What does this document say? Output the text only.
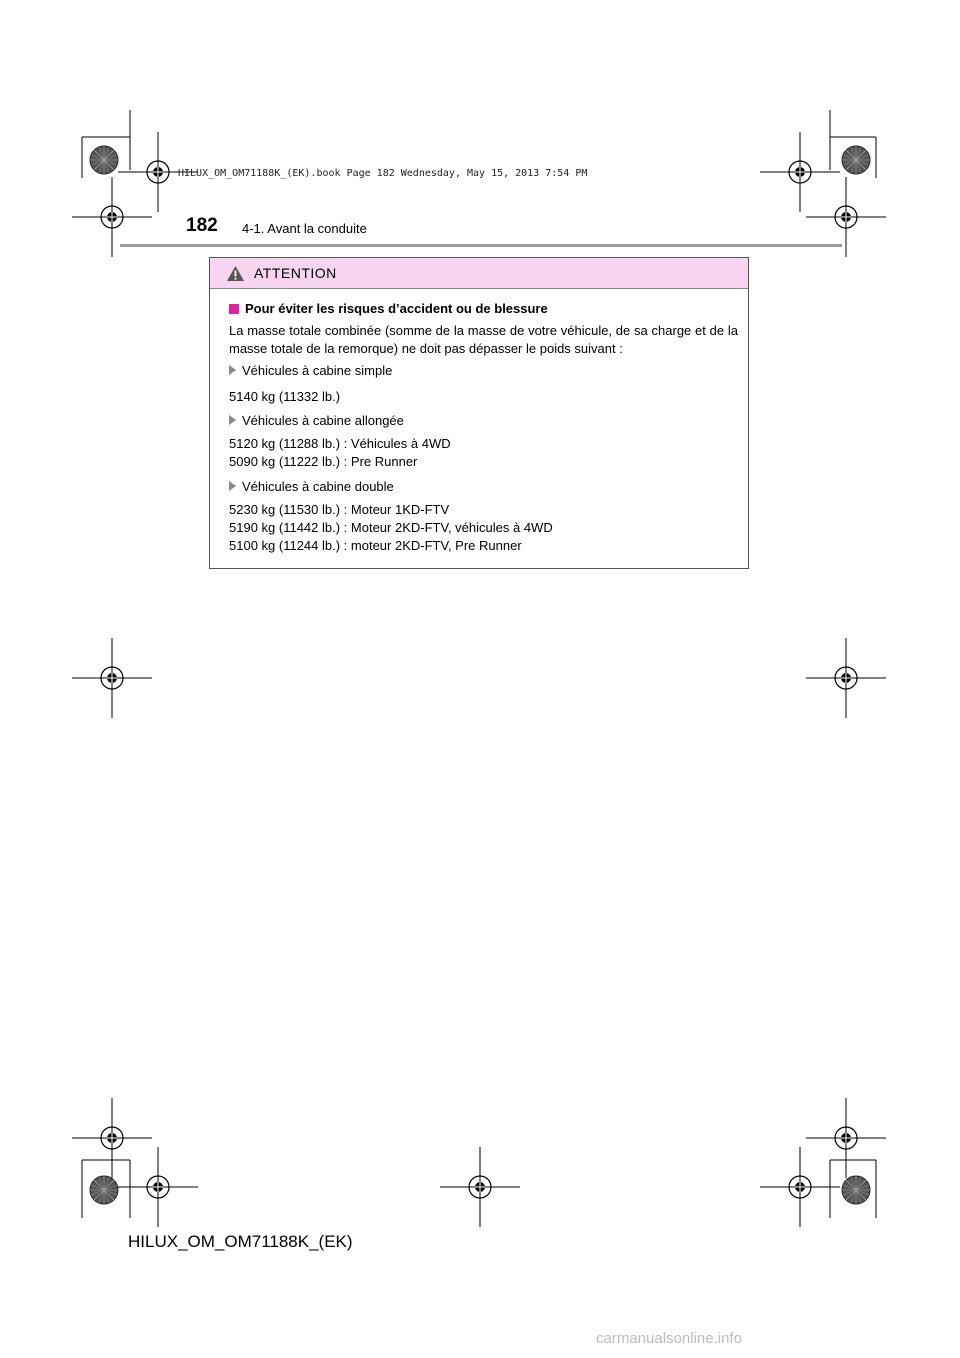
HILUX_OM_OM71188K_(EK).book Page 182 Wednesday, May 15, 2013 7:54 PM
182 4-1. Avant la conduite
ATTENTION
Pour éviter les risques d’accident ou de blessure
La masse totale combinée (somme de la masse de votre véhicule, de sa charge et de la masse totale de la remorque) ne doit pas dépasser le poids suivant :
Véhicules à cabine simple
5140 kg (11332 lb.)
Véhicules à cabine allongée
5120 kg (11288 lb.) : Véhicules à 4WD
5090 kg (11222 lb.) : Pre Runner
Véhicules à cabine double
5230 kg (11530 lb.) : Moteur 1KD-FTV
5190 kg (11442 lb.) : Moteur 2KD-FTV, véhicules à 4WD
5100 kg (11244 lb.) : moteur 2KD-FTV, Pre Runner
HILUX_OM_OM71188K_(EK)
carmanualsonline.info
